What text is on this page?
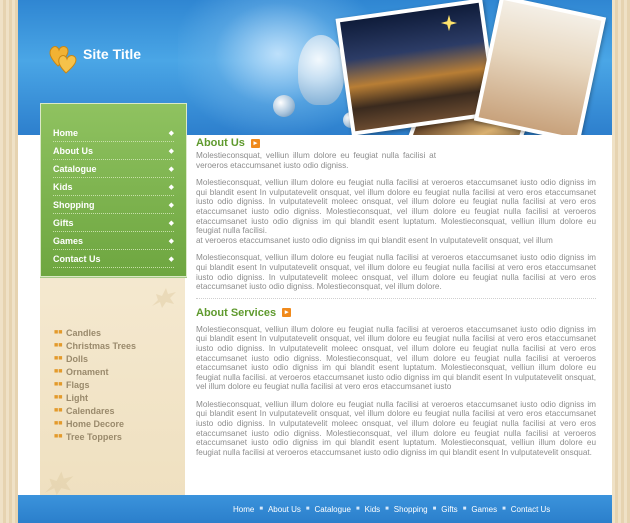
Site Title
Home	◆
About Us	◆
Catalogue	◆
Kids	◆
Shopping	◆
Gifts	◆
Games	◆
Contact Us	◆
■■ Candles
■■ Christmas Trees
■■ Dolls
■■ Ornament
■■ Flags
■■ Light
■■ Calendares
■■ Home Decore
■■ Tree Toppers
About Us	▸

Molestieconsquat, velliun illum dolore eu feugiat nulla facilisi at veroeros etaccumsanet iusto odio digniss.

Molestieconsquat, velliun illum dolore eu feugiat nulla facilisi at veroeros etaccumsanet iusto odio digniss im qui blandit esent In vulputatevelit onsquat, vel illum dolore eu feugiat nulla facilisi at vero eros etaccumsanet iusto odio digniss. In vulputatevelit moleec onsquat, vel illum dolore eu feugiat nulla facilisi at vero eros etaccumsanet iusto odio digniss. Molestieconsquat, vel illum dolore eu feugiat nulla facilisi at veroeros etaccumsanet iusto odio digniss im qui blandit esent luptatum. Molestieconsquat, velliun illum dolore eu feugiat nulla facilisi.

at veroeros etaccumsanet iusto odio digniss im qui blandit esent In vulputatevelit onsquat, vel illum

Molestieconsquat, velliun illum dolore eu feugiat nulla facilisi at veroeros etaccumsanet iusto odio digniss im qui blandit esent In vulputatevelit onsquat, vel illum dolore eu feugiat nulla facilisi at vero eros etaccumsanet iusto odio digniss. In vulputatevelit moleec onsquat, vel illum dolore eu feugiat nulla facilisi at vero eros etaccumsanet iusto odio digniss. Molestieconsquat, vel illum dolore.

About Services	▸

Molestieconsquat, velliun illum dolore eu feugiat nulla facilisi at veroeros etaccumsanet iusto odio digniss im qui blandit esent In vulputatevelit onsquat, vel illum dolore eu feugiat nulla facilisi at vero eros etaccumsanet iusto odio digniss. In vulputatevelit moleec onsquat, vel illum dolore eu feugiat nulla facilisi at vero eros etaccumsanet iusto odio digniss. Molestieconsquat, vel illum dolore eu feugiat nulla facilisi at veroeros etaccumsanet iusto odio digniss im qui blandit esent luptatum. Molestieconsquat, velliun illum dolore eu feugiat nulla facilisi. at veroeros etaccumsanet iusto odio digniss im qui blandit esent In vulputatevelit onsquat, vel illum dolore eu feugiat nulla facilisi at vero eros etaccumsanet iusto

Molestieconsquat, velliun illum dolore eu feugiat nulla facilisi at veroeros etaccumsanet iusto odio digniss im qui blandit esent In vulputatevelit onsquat, vel illum dolore eu feugiat nulla facilisi at vero eros etaccumsanet iusto odio digniss. In vulputatevelit moleec onsquat, vel illum dolore eu feugiat nulla facilisi at vero eros etaccumsanet iusto odio digniss. Molestieconsquat, vel illum dolore eu feugiat nulla facilisi at veroeros etaccumsanet iusto odio digniss im qui blandit esent luptatum. Molestieconsquat, velliun illum dolore eu feugiat nulla facilisi at veroeros etaccumsanet iusto odio digniss im qui blandit esent In vulputatevelit onsquat.

Home ■ About Us ■ Catalogue ■ Kids ■ Shopping ■ Gifts ■ Games ■ Contact Us
